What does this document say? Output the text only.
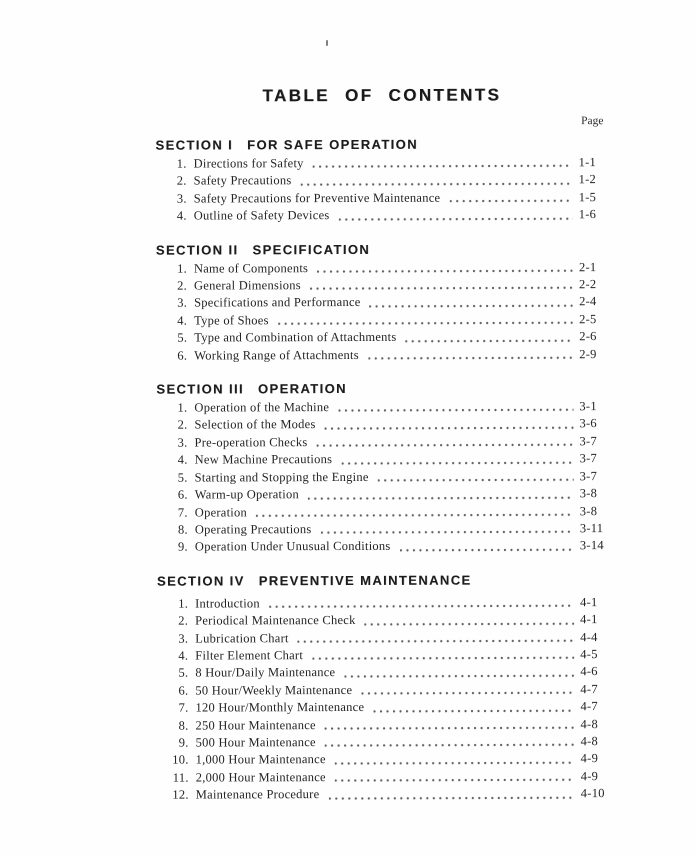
TABLE OF CONTENTS
Page
SECTION I FOR SAFE OPERATION
1. Directions for Safety	1-1
2. Safety Precautions	1-2
3. Safety Precautions for Preventive Maintenance	1-5
4. Outline of Safety Devices	1-6
SECTION II SPECIFICATION
1. Name of Components	2-1
2. General Dimensions	2-2
3. Specifications and Performance	2-4
4. Type of Shoes	2-5
5. Type and Combination of Attachments	2-6
6. Working Range of Attachments	2-9
SECTION III OPERATION
1. Operation of the Machine	3-1
2. Selection of the Modes	3-6
3. Pre-operation Checks	3-7
4. New Machine Precautions	3-7
5. Starting and Stopping the Engine	3-7
6. Warm-up Operation	3-8
7. Operation	3-8
8. Operating Precautions	3-11
9. Operation Under Unusual Conditions	3-14
SECTION IV PREVENTIVE MAINTENANCE
1. Introduction	4-1
2. Periodical Maintenance Check	4-1
3. Lubrication Chart	4-4
4. Filter Element Chart	4-5
5. 8 Hour/Daily Maintenance	4-6
6. 50 Hour/Weekly Maintenance	4-7
7. 120 Hour/Monthly Maintenance	4-7
8. 250 Hour Maintenance	4-8
9. 500 Hour Maintenance	4-8
10. 1,000 Hour Maintenance	4-9
11. 2,000 Hour Maintenance	4-9
12. Maintenance Procedure	4-10
